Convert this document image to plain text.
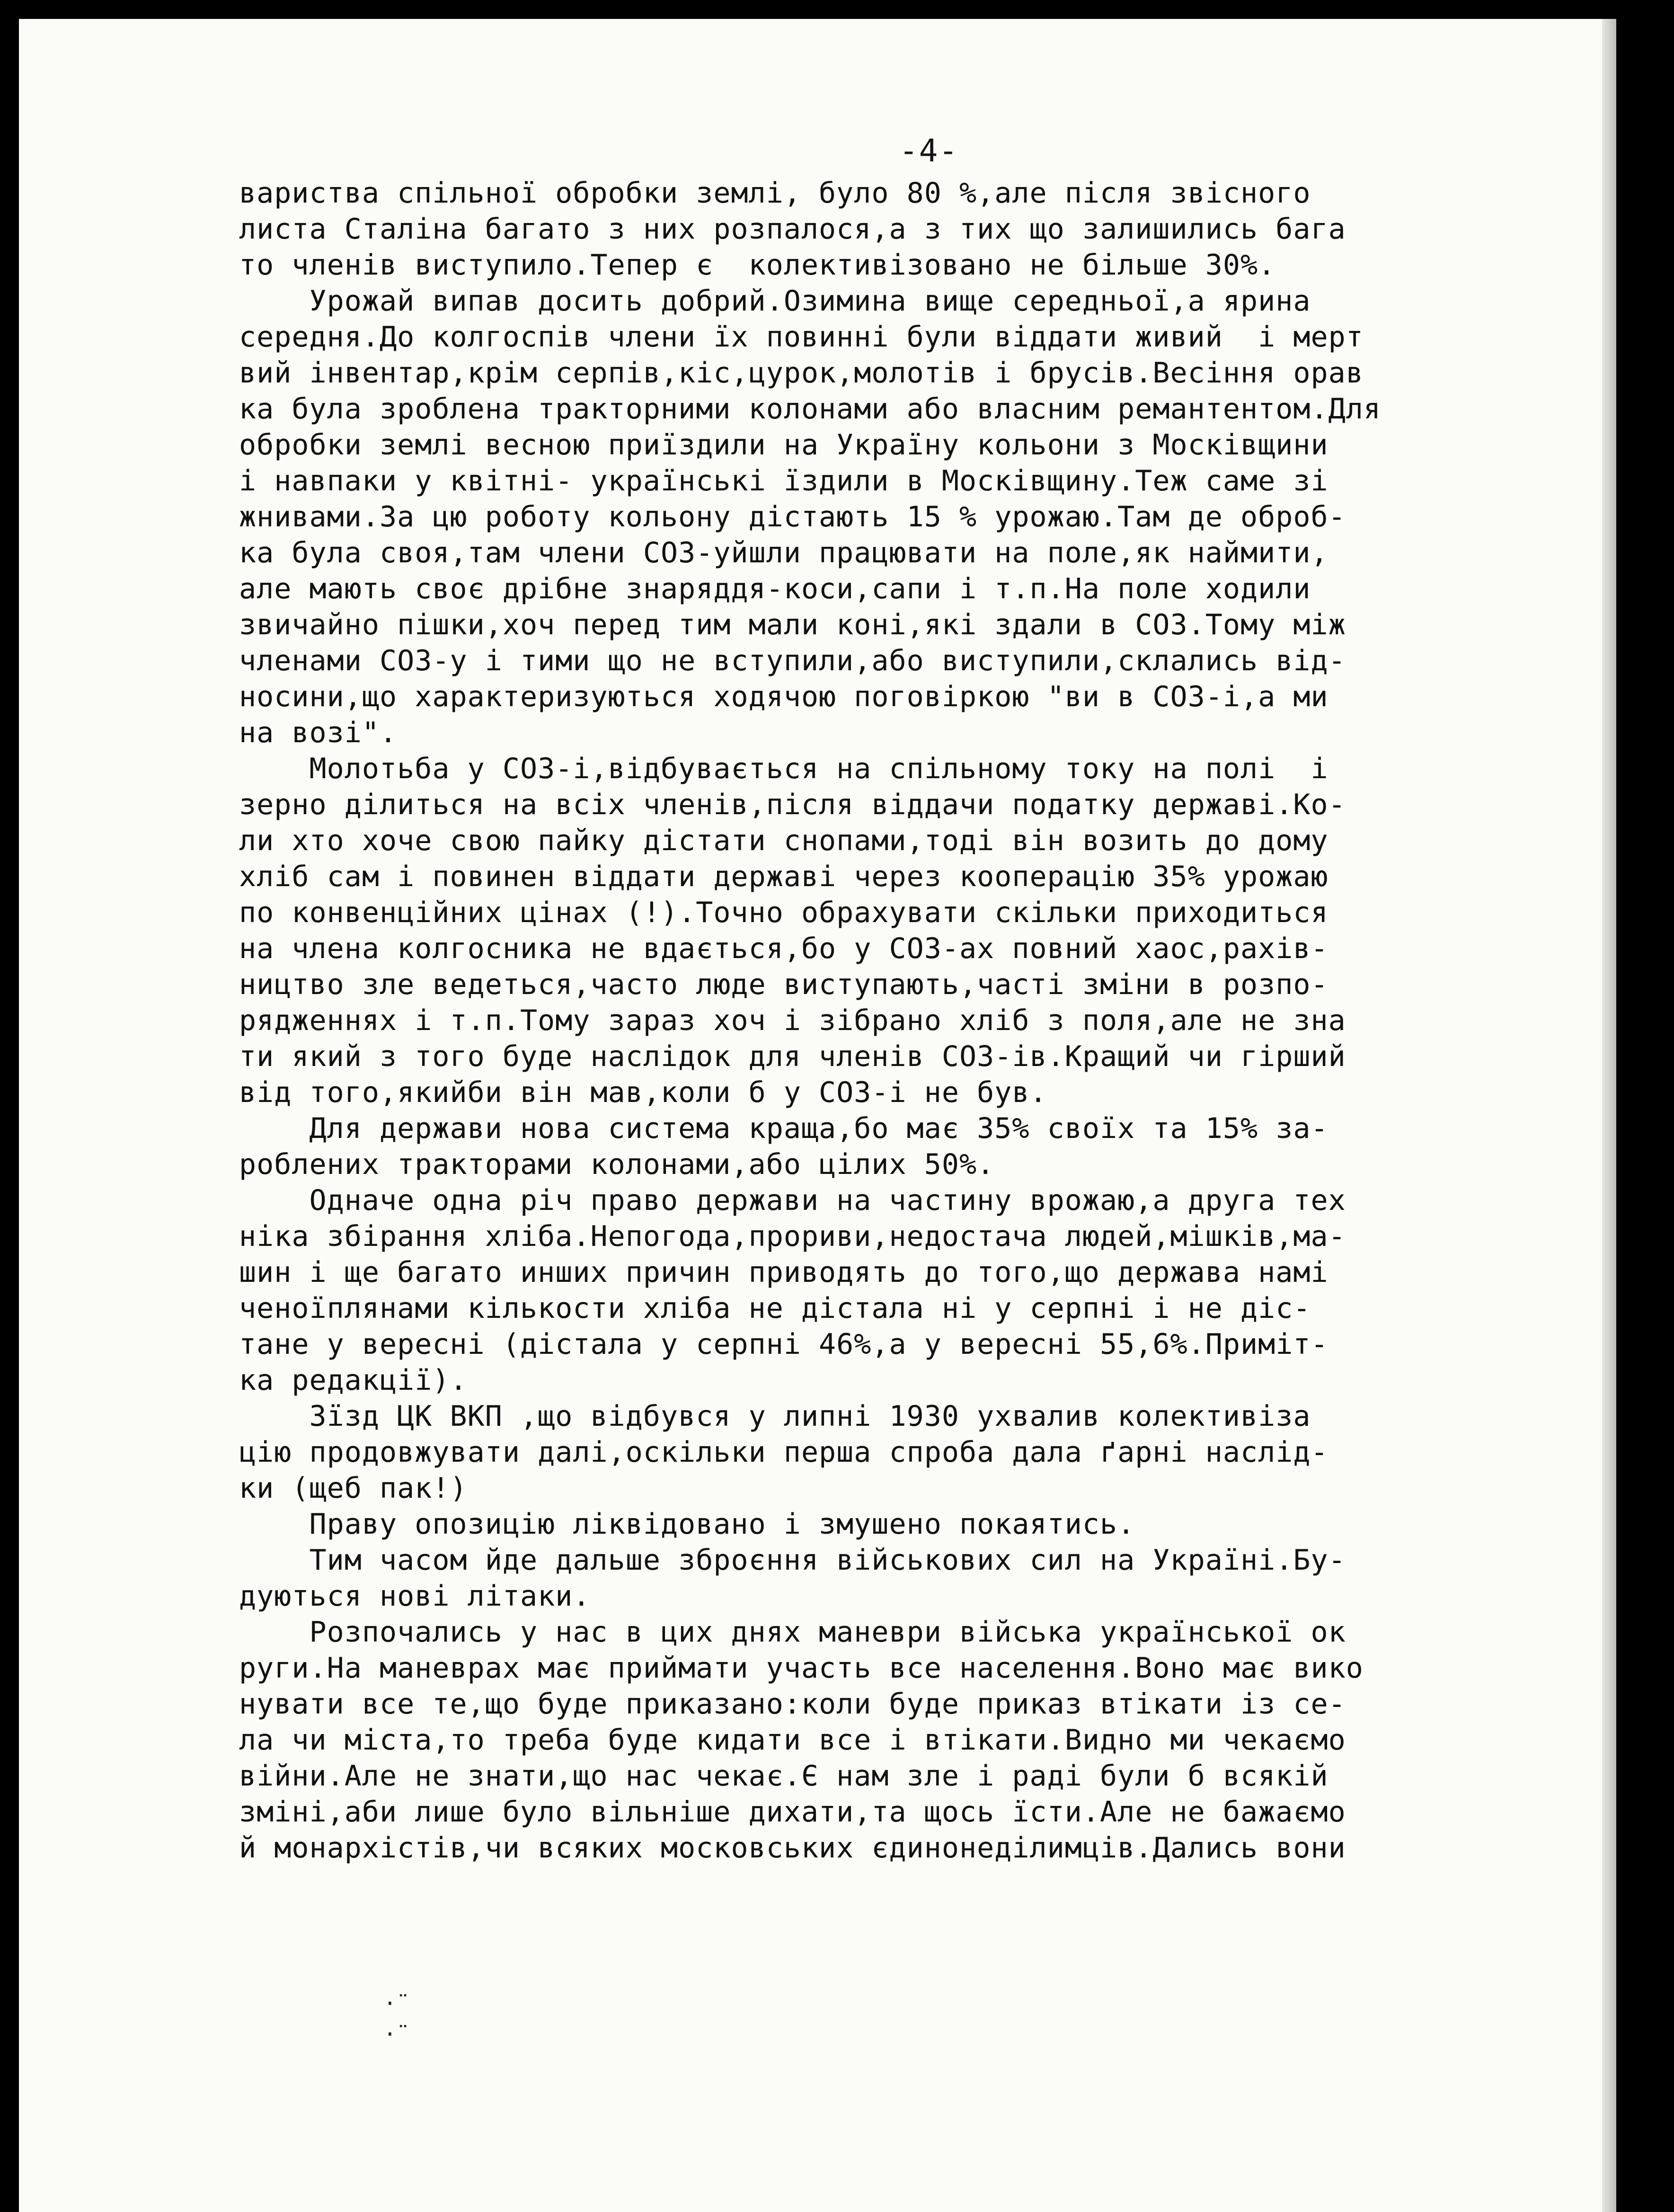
-4-
вариства спільної обробки землі, було 80 %,але після звісного
листа Сталіна багато з них розпалося,а з тих що залишились бага
то членів виступило.Тепер є  колективізовано не більше 30%.
Урожай випав досить добрий.Озимина вище середньої,а ярина
середня.До колгоспів члени їх повинні були віддати живий  і мерт
вий інвентар,крім серпів,кіс,цурок,молотів і брусів.Весіння орав
ка була зроблена тракторними колонами або власним ремантентом.Для
обробки землі весною приїздили на Україну кольони з Москівщини
і навпаки у квітні- українські їздили в Москівщину.Теж саме зі
жнивами.За цю роботу кольону дістають 15 % урожаю.Там де оброб-
ка була своя,там члени СОЗ-уйшли працювати на поле,як наймити,
але мають своє дрібне знаряддя-коси,сапи і т.п.На поле ходили
звичайно пішки,хоч перед тим мали коні,які здали в СОЗ.Тому між
членами СОЗ-у і тими що не вступили,або виступили,склались від-
носини,що характеризуються ходячою поговіркою "ви в СОЗ-і,а ми
на возі".
Молотьба у СОЗ-і,відбувається на спільному току на полі  і
зерно ділиться на всіх членів,після віддачи податку державі.Ко-
ли хто хоче свою пайку дістати снопами,тоді він возить до дому
хліб сам і повинен віддати державі через кооперацію 35% урожаю
по конвенційних цінах (!).Точно обрахувати скільки приходиться
на члена колгосника не вдається,бо у СОЗ-ах повний хаос,рахів-
ництво зле ведеться,часто люде виступають,часті зміни в розпо-
рядженнях і т.п.Тому зараз хоч і зібрано хліб з поля,але не зна
ти який з того буде наслідок для членів СОЗ-ів.Кращий чи гірший
від того,якийби він мав,коли б у СОЗ-і не був.
Для держави нова система краща,бо має 35% своїх та 15% за-
роблених тракторами колонами,або цілих 50%.
Одначе одна річ право держави на частину врожаю,а друга тех
ніка збірання хліба.Непогода,прориви,недостача людей,мішків,ма-
шин і ще багато инших причин приводять до того,що держава намі
ченоїплянами кількости хліба не дістала ні у серпні і не діс-
тане у вересні (дістала у серпні 46%,а у вересні 55,6%.Приміт-
ка редакції).
Зїзд ЦК ВКП ,що відбувся у липні 1930 ухвалив колективіза
цію продовжувати далі,оскільки перша спроба дала ґарні наслід-
ки (щеб пак!)
Праву опозицію ліквідовано і змушено покаятись.
Тим часом йде дальше зброєння військових сил на Україні.Бу-
дуються нові літаки.
Розпочались у нас в цих днях маневри війська української ок
руги.На маневрах має приймати участь все населення.Воно має вико
нувати все те,що буде приказано:коли буде приказ втікати із се-
ла чи міста,то треба буде кидати все і втікати.Видно ми чекаємо
війни.Але не знати,що нас чекає.Є нам зле і раді були б всякій
зміні,аби лише було вільніше дихати,та щось їсти.Але не бажаємо
й монархістів,чи всяких московських єдинонеділимців.Дались вони
·̈
·̈
